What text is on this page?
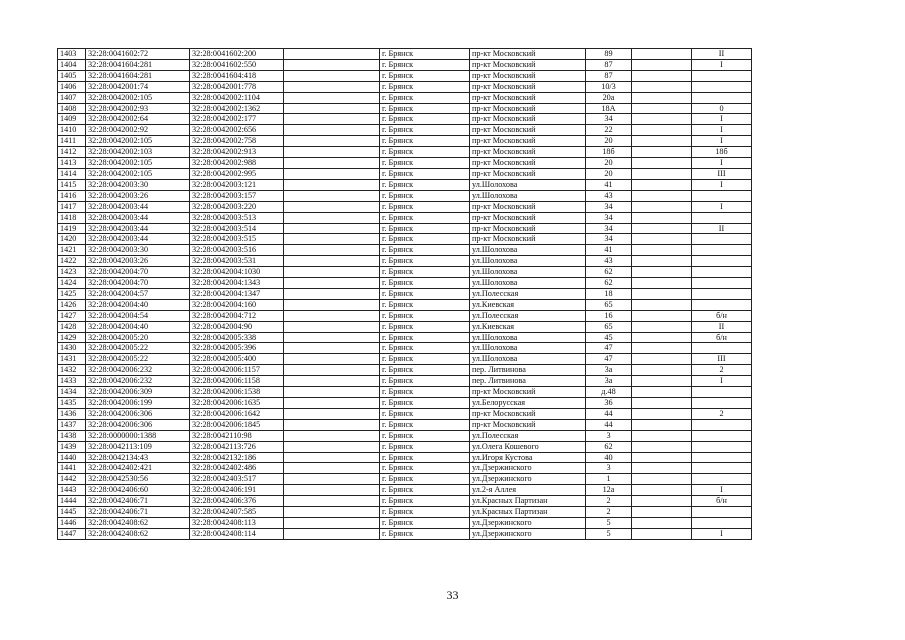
1403	32:28:0041602:72	32:28:0041602:200		г. Брянск	пр-кт Московский	89		II
1404	32:28:0041604:281	32:28:0041602:550		г. Брянск	пр-кт Московский	87		I
1405	32:28:0041604:281	32:28:0041604:418		г. Брянск	пр-кт Московский	87		
1406	32:28:0042001:74	32:28:0042001:778		г. Брянск	пр-кт Московский	10/3		
1407	32:28:0042002:105	32:28:0042002:1104		г. Брянск	пр-кт Московский	20а		
1408	32:28:0042002:93	32:28:0042002:1362		г. Брянск	пр-кт Московский	18А		0
1409	32:28:0042002:64	32:28:0042002:177		г. Брянск	пр-кт Московский	34		I
1410	32:28:0042002:92	32:28:0042002:656		г. Брянск	пр-кт Московский	22		I
1411	32:28:0042002:105	32:28:0042002:758		г. Брянск	пр-кт Московский	20		I
1412	32:28:0042002:103	32:28:0042002:913		г. Брянск	пр-кт Московский	18б		18б
1413	32:28:0042002:105	32:28:0042002:988		г. Брянск	пр-кт Московский	20		I
1414	32:28:0042002:105	32:28:0042002:995		г. Брянск	пр-кт Московский	20		III
1415	32:28:0042003:30	32:28:0042003:121		г. Брянск	ул.Шолохова	41		I
1416	32:28:0042003:26	32:28:0042003:157		г. Брянск	ул.Шолохова	43		
1417	32:28:0042003:44	32:28:0042003:220		г. Брянск	пр-кт Московский	34		I
1418	32:28:0042003:44	32:28:0042003:513		г. Брянск	пр-кт Московский	34		
1419	32:28:0042003:44	32:28:0042003:514		г. Брянск	пр-кт Московский	34		II
1420	32:28:0042003:44	32:28:0042003:515		г. Брянск	пр-кт Московский	34		
1421	32:28:0042003:30	32:28:0042003:516		г. Брянск	ул.Шолохова	41		
1422	32:28:0042003:26	32:28:0042003:531		г. Брянск	ул.Шолохова	43		
1423	32:28:0042004:70	32:28:0042004:1030		г. Брянск	ул.Шолохова	62		
1424	32:28:0042004:70	32:28:0042004:1343		г. Брянск	ул.Шолохова	62		
1425	32:28:0042004:57	32:28:0042004:1347		г. Брянск	ул.Полесская	18		
1426	32:28:0042004:40	32:28:0042004:160		г. Брянск	ул.Киевская	65		
1427	32:28:0042004:54	32:28:0042004:712		г. Брянск	ул.Полесская	16		б/н
1428	32:28:0042004:40	32:28:0042004:90		г. Брянск	ул.Киевская	65		II
1429	32:28:0042005:20	32:28:0042005:338		г. Брянск	ул.Шолохова	45		б/н
1430	32:28:0042005:22	32:28:0042005:396		г. Брянск	ул.Шолохова	47		
1431	32:28:0042005:22	32:28:0042005:400		г. Брянск	ул.Шолохова	47		III
1432	32:28:0042006:232	32:28:0042006:1157		г. Брянск	пер. Литвинова	3а		2
1433	32:28:0042006:232	32:28:0042006:1158		г. Брянск	пер. Литвинова	3а		I
1434	32:28:0042006:309	32:28:0042006:1538		г. Брянск	пр-кт Московский	д.48		
1435	32:28:0042006:199	32:28:0042006:1635		г. Брянск	ул.Белорусская	36		
1436	32:28:0042006:306	32:28:0042006:1642		г. Брянск	пр-кт Московский	44		2
1437	32:28:0042006:306	32:28:0042006:1845		г. Брянск	пр-кт Московский	44		
1438	32:28:0000000:1388	32:28:0042110:98		г. Брянск	ул.Полесская	3		
1439	32:28:0042113:109	32:28:0042113:726		г. Брянск	ул.Олега Кошевого	62		
1440	32:28:0042134:43	32:28:0042132:186		г. Брянск	ул.Игоря Кустова	40		
1441	32:28:0042402:421	32:28:0042402:486		г. Брянск	ул.Дзержинского	3		
1442	32:28:0042530:56	32:28:0042403:517		г. Брянск	ул.Дзержинского	1		
1443	32:28:0042406:60	32:28:0042406:191		г. Брянск	ул.2-я Аллея	12а		I
1444	32:28:0042406:71	32:28:0042406:376		г. Брянск	ул.Красных Партизан	2		б/н
1445	32:28:0042406:71	32:28:0042407:585		г. Брянск	ул.Красных Партизан	2		
1446	32:28:0042408:62	32:28:0042408:113		г. Брянск	ул.Дзержинского	5		
1447	32:28:0042408:62	32:28:0042408:114		г. Брянск	ул.Дзержинского	5		I
33
